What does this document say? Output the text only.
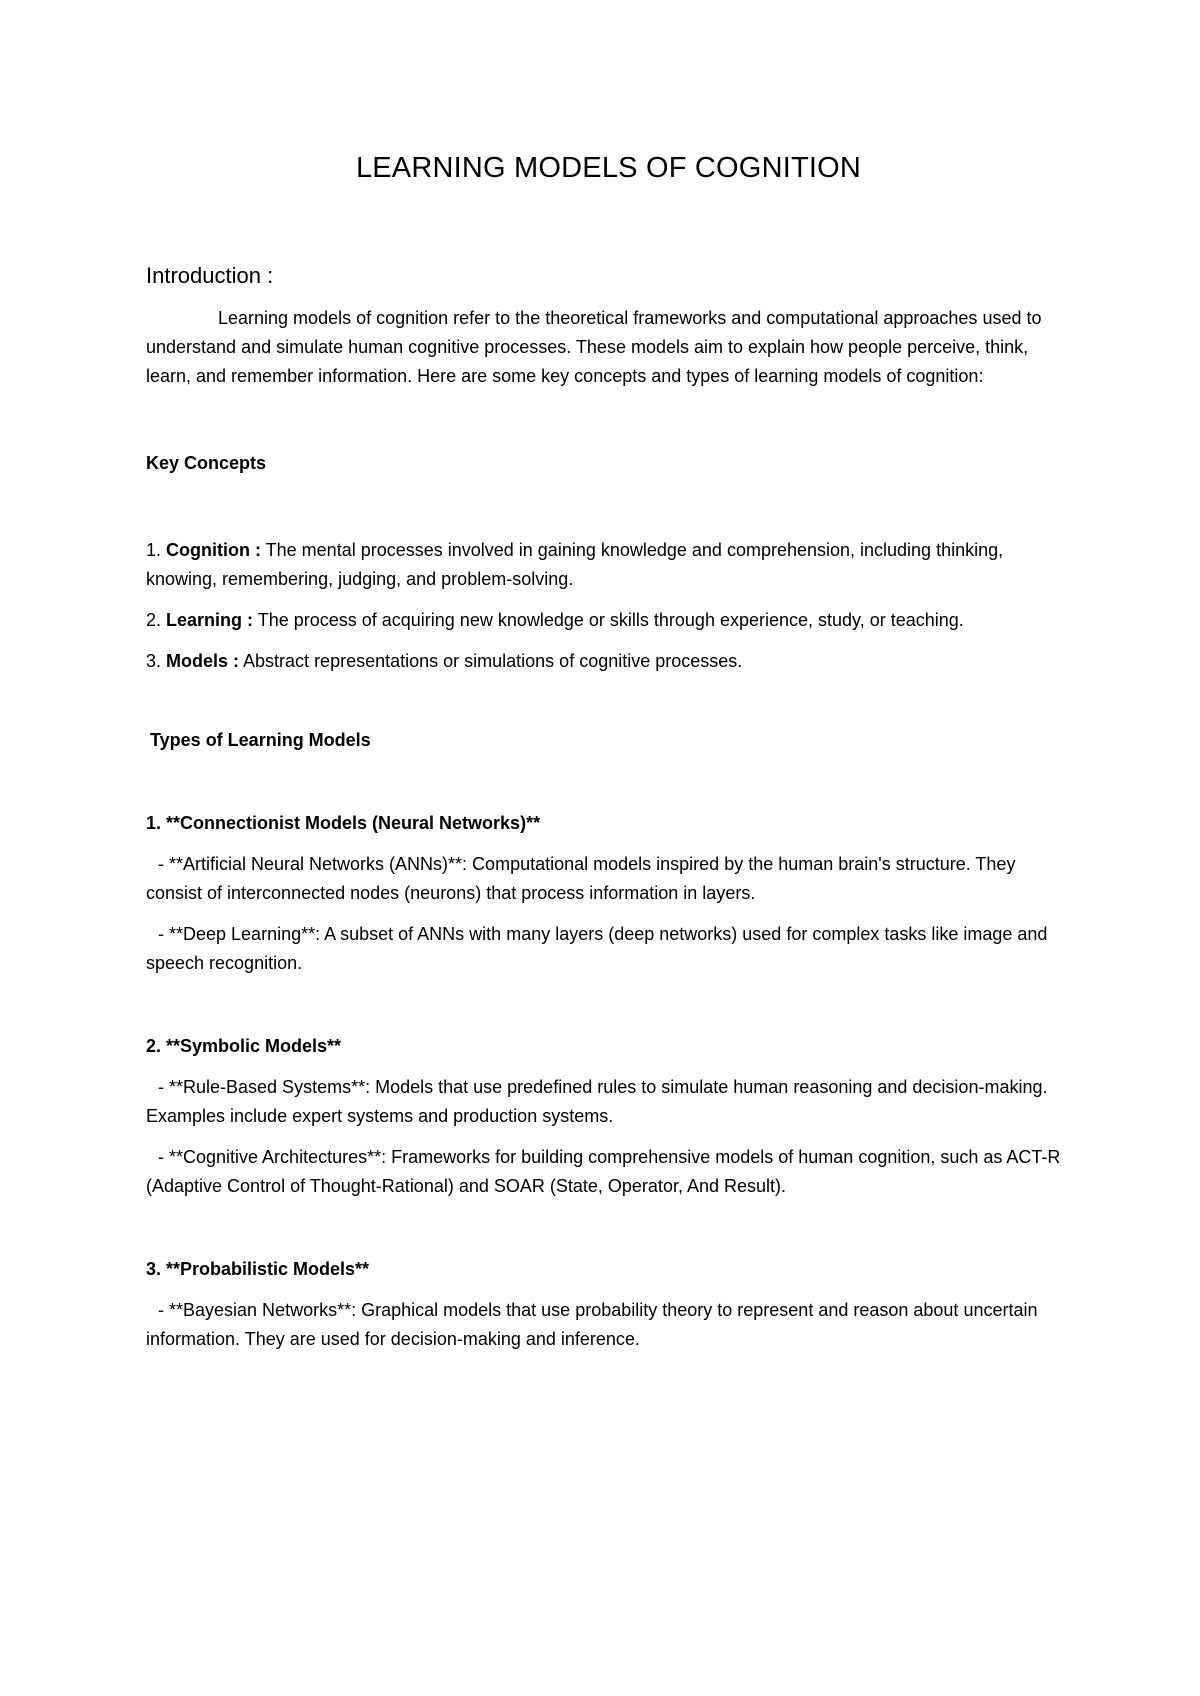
LEARNING MODELS OF COGNITION
Introduction :
Learning models of cognition refer to the theoretical frameworks and computational approaches used to understand and simulate human cognitive processes. These models aim to explain how people perceive, think, learn, and remember information. Here are some key concepts and types of learning models of cognition:
Key Concepts
1. Cognition : The mental processes involved in gaining knowledge and comprehension, including thinking, knowing, remembering, judging, and problem-solving.
2. Learning : The process of acquiring new knowledge or skills through experience, study, or teaching.
3. Models : Abstract representations or simulations of cognitive processes.
Types of Learning Models
1. **Connectionist Models (Neural Networks)**
- **Artificial Neural Networks (ANNs)**: Computational models inspired by the human brain's structure. They consist of interconnected nodes (neurons) that process information in layers.
- **Deep Learning**: A subset of ANNs with many layers (deep networks) used for complex tasks like image and speech recognition.
2. **Symbolic Models**
- **Rule-Based Systems**: Models that use predefined rules to simulate human reasoning and decision-making. Examples include expert systems and production systems.
- **Cognitive Architectures**: Frameworks for building comprehensive models of human cognition, such as ACT-R (Adaptive Control of Thought-Rational) and SOAR (State, Operator, And Result).
3. **Probabilistic Models**
- **Bayesian Networks**: Graphical models that use probability theory to represent and reason about uncertain information. They are used for decision-making and inference.
